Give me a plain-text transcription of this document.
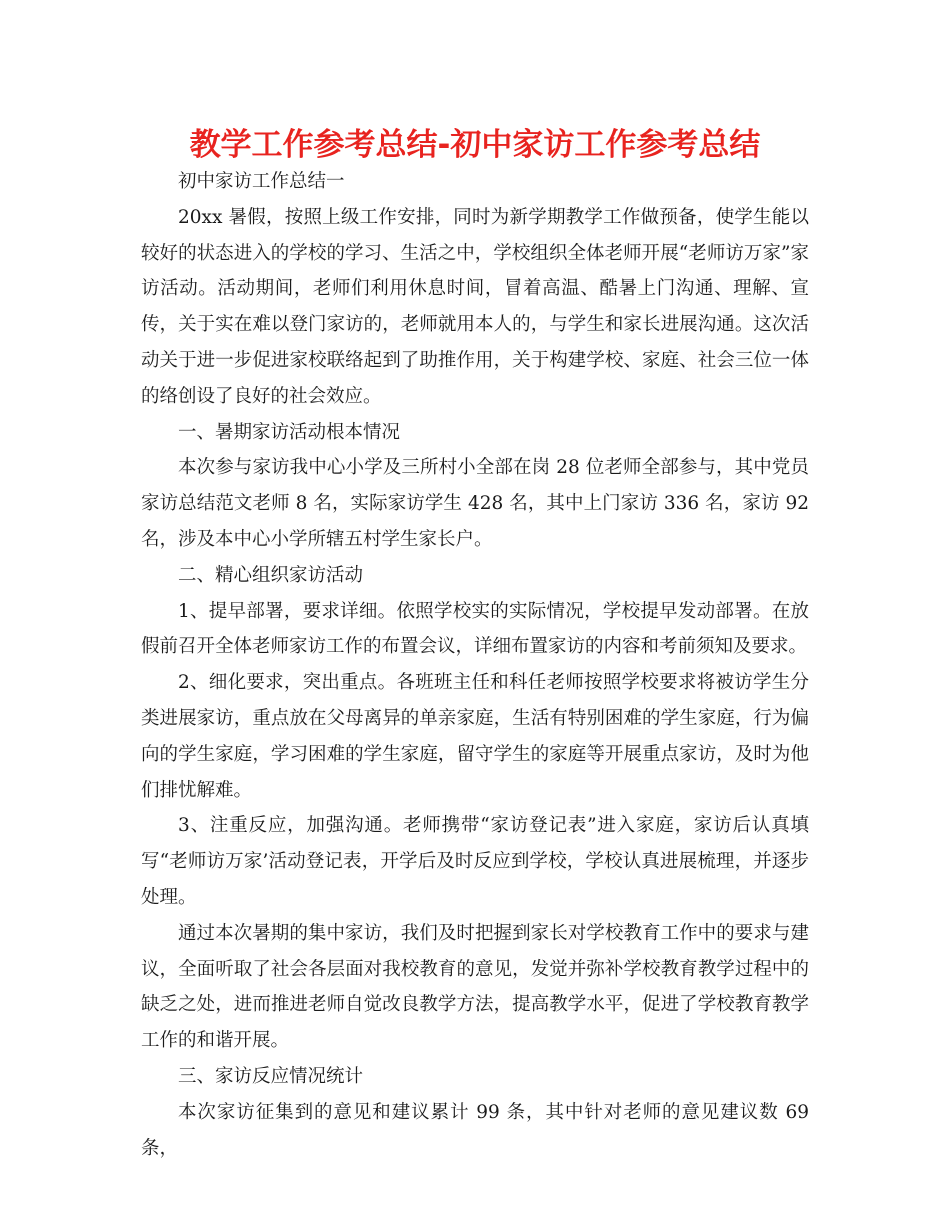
教学工作参考总结-初中家访工作参考总结

初中家访工作总结一

20xx 暑假，按照上级工作安排，同时为新学期教学工作做预备，使学生能以较好的状态进入的学校的学习、生活之中，学校组织全体老师开展“老师访万家”家访活动。活动期间，老师们利用休息时间，冒着高温、酷暑上门沟通、理解、宣传，关于实在难以登门家访的，老师就用本人的，与学生和家长进展沟通。这次活动关于进一步促进家校联络起到了助推作用，关于构建学校、家庭、社会三位一体的络创设了良好的社会效应。

一、暑期家访活动根本情况

本次参与家访我中心小学及三所村小全部在岗 28 位老师全部参与，其中党员家访总结范文老师 8 名，实际家访学生 428 名，其中上门家访 336 名，家访 92 名，涉及本中心小学所辖五村学生家长户。

二、精心组织家访活动

1、提早部署，要求详细。依照学校实的实际情况，学校提早发动部署。在放假前召开全体老师家访工作的布置会议，详细布置家访的内容和考前须知及要求。

2、细化要求，突出重点。各班班主任和科任老师按照学校要求将被访学生分类进展家访，重点放在父母离异的单亲家庭，生活有特别困难的学生家庭，行为偏向的学生家庭，学习困难的学生家庭，留守学生的家庭等开展重点家访，及时为他们排忧解难。

3、注重反应，加强沟通。老师携带“家访登记表”进入家庭，家访后认真填写“老师访万家’活动登记表，开学后及时反应到学校，学校认真进展梳理，并逐步处理。

通过本次暑期的集中家访，我们及时把握到家长对学校教育工作中的要求与建议，全面听取了社会各层面对我校教育的意见，发觉并弥补学校教育教学过程中的缺乏之处，进而推进老师自觉改良教学方法，提高教学水平，促进了学校教育教学工作的和谐开展。

三、家访反应情况统计

本次家访征集到的意见和建议累计 99 条，其中针对老师的意见建议数 69 条，
